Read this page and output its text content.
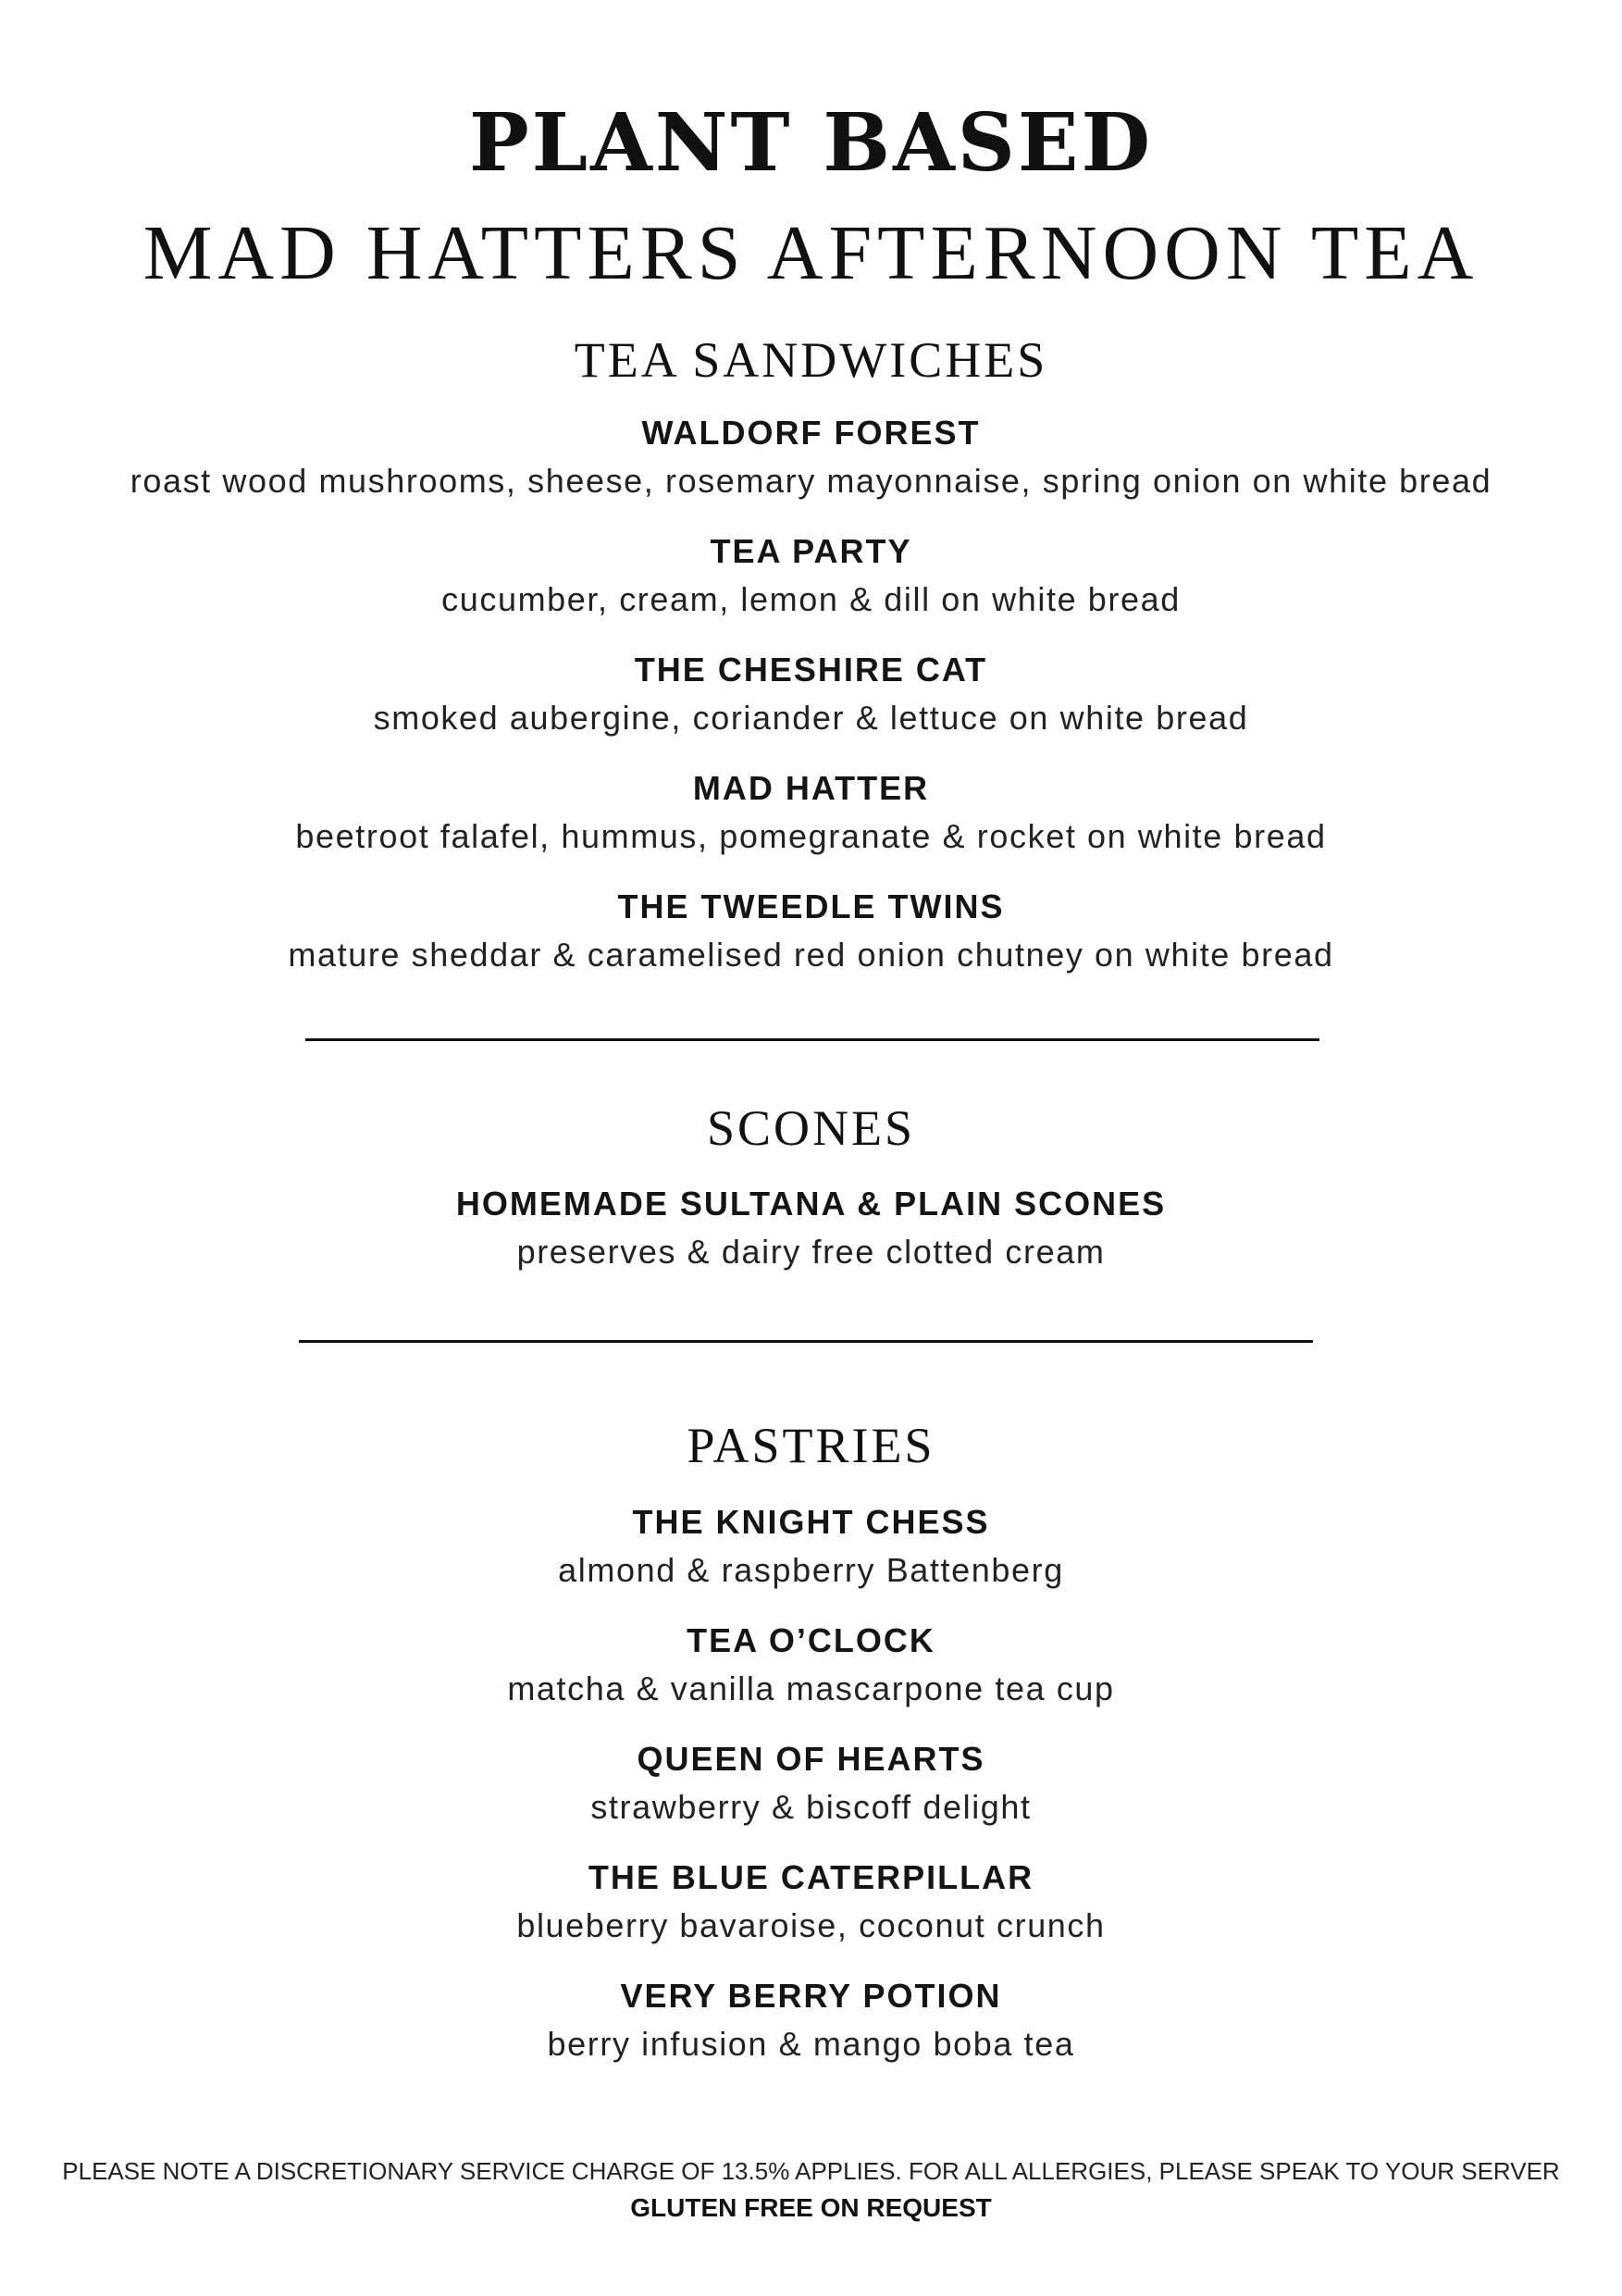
PLANT BASED
MAD HATTERS AFTERNOON TEA
TEA SANDWICHES
WALDORF FOREST
roast wood mushrooms, sheese, rosemary mayonnaise, spring onion on white bread
TEA PARTY
cucumber, cream, lemon & dill on white bread
THE CHESHIRE CAT
smoked aubergine, coriander & lettuce on white bread
MAD HATTER
beetroot falafel, hummus, pomegranate & rocket on white bread
THE TWEEDLE TWINS
mature sheddar & caramelised red onion chutney on white bread
SCONES
HOMEMADE SULTANA & PLAIN SCONES
preserves & dairy free clotted cream
PASTRIES
THE KNIGHT CHESS
almond & raspberry Battenberg
TEA O’CLOCK
matcha & vanilla mascarpone tea cup
QUEEN OF HEARTS
strawberry & biscoff delight
THE BLUE CATERPILLAR
blueberry bavaroise, coconut crunch
VERY BERRY POTION
berry infusion & mango boba tea
PLEASE NOTE A DISCRETIONARY SERVICE CHARGE OF 13.5% APPLIES. FOR ALL ALLERGIES, PLEASE SPEAK TO YOUR SERVER
GLUTEN FREE ON REQUEST
